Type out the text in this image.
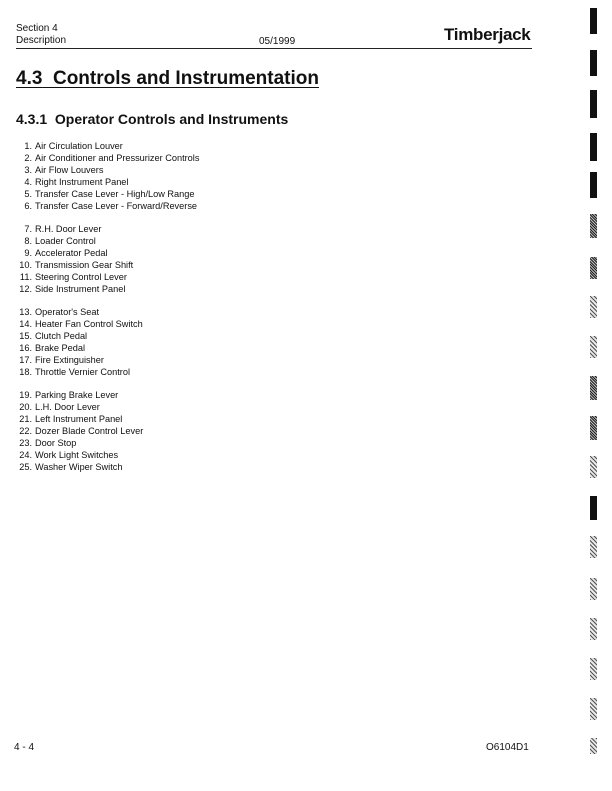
Section 4
Description	05/1999	Timberjack
4.3 Controls and Instrumentation
4.3.1 Operator Controls and Instruments
1. Air Circulation Louver
2. Air Conditioner and Pressurizer Controls
3. Air Flow Louvers
4. Right Instrument Panel
5. Transfer Case Lever - High/Low Range
6. Transfer Case Lever - Forward/Reverse
7. R.H. Door Lever
8. Loader Control
9. Accelerator Pedal
10. Transmission Gear Shift
11. Steering Control Lever
12. Side Instrument Panel
13. Operator's Seat
14. Heater Fan Control Switch
15. Clutch Pedal
16. Brake Pedal
17. Fire Extinguisher
18. Throttle Vernier Control
19. Parking Brake Lever
20. L.H. Door Lever
21. Left Instrument Panel
22. Dozer Blade Control Lever
23. Door Stop
24. Work Light Switches
25. Washer Wiper Switch
4 - 4	O6104D1
